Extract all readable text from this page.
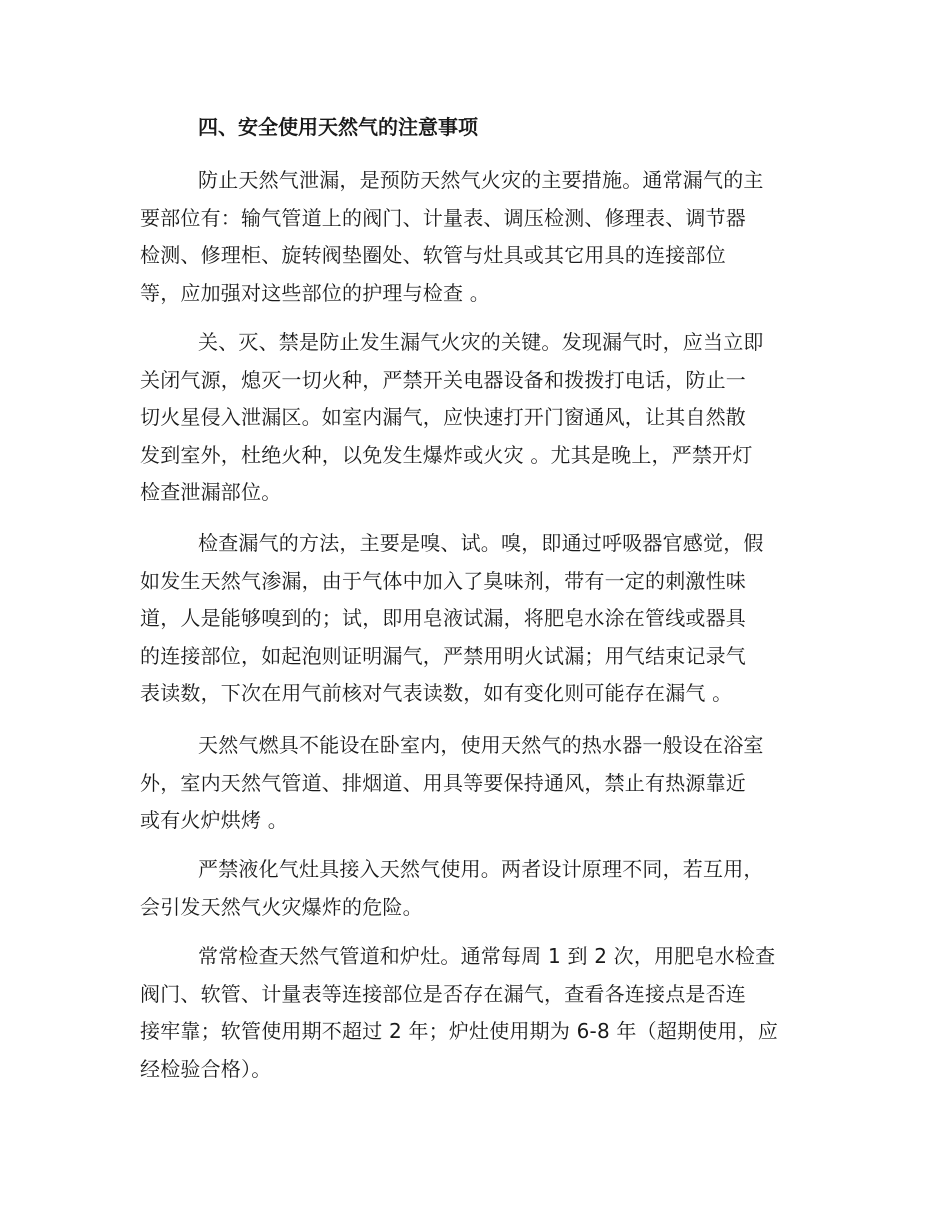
四、安全使用天然气的注意事项
防止天然气泄漏，是预防天然气火灾的主要措施。通常漏气的主
要部位有：输气管道上的阀门、计量表、调压检测、修理表、调节器
检测、修理柜、旋转阀垫圈处、软管与灶具或其它用具的连接部位
等，应加强对这些部位的护理与检查 。
关、灭、禁是防止发生漏气火灾的关键。发现漏气时，应当立即
关闭气源，熄灭一切火种，严禁开关电器设备和拨拨打电话，防止一
切火星侵入泄漏区。如室内漏气，应快速打开门窗通风，让其自然散
发到室外，杜绝火种，以免发生爆炸或火灾 。尤其是晚上，严禁开灯
检查泄漏部位。
检查漏气的方法，主要是嗅、试。嗅，即通过呼吸器官感觉，假
如发生天然气渗漏，由于气体中加入了臭味剂，带有一定的刺激性味
道，人是能够嗅到的；试，即用皂液试漏，将肥皂水涂在管线或器具
的连接部位，如起泡则证明漏气，严禁用明火试漏；用气结束记录气
表读数，下次在用气前核对气表读数，如有变化则可能存在漏气 。
天然气燃具不能设在卧室内，使用天然气的热水器一般设在浴室
外，室内天然气管道、排烟道、用具等要保持通风，禁止有热源靠近
或有火炉烘烤 。
严禁液化气灶具接入天然气使用。两者设计原理不同，若互用，
会引发天然气火灾爆炸的危险。
常常检查天然气管道和炉灶。通常每周 1 到 2 次，用肥皂水检查
阀门、软管、计量表等连接部位是否存在漏气，查看各连接点是否连
接牢靠；软管使用期不超过 2 年；炉灶使用期为 6-8 年（超期使用，应
经检验合格）。
